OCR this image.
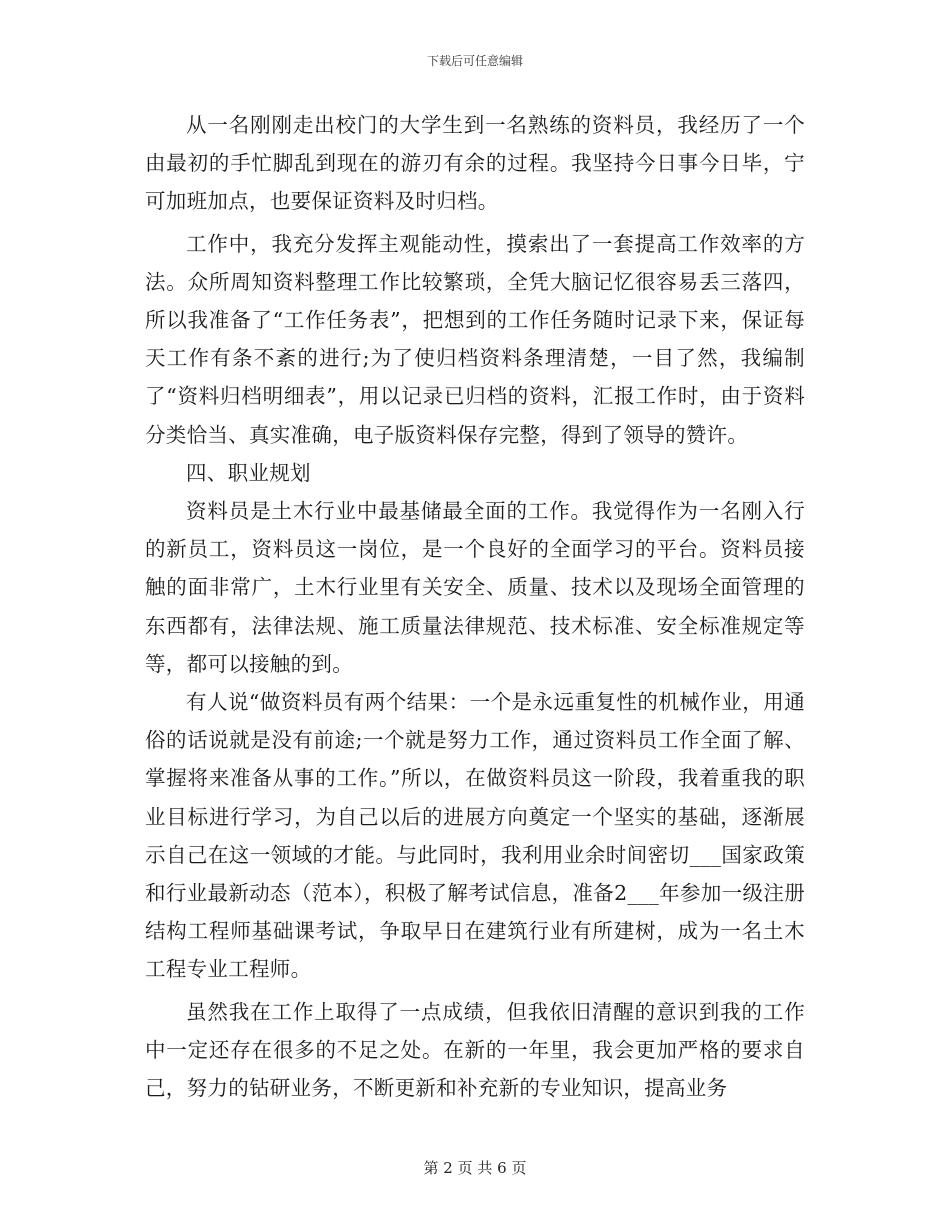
下载后可任意编辑

从一名刚刚走出校门的大学生到一名熟练的资料员，我经历了一个由最初的手忙脚乱到现在的游刃有余的过程。我坚持今日事今日毕，宁可加班加点，也要保证资料及时归档。

工作中，我充分发挥主观能动性，摸索出了一套提高工作效率的方法。众所周知资料整理工作比较繁琐，全凭大脑记忆很容易丢三落四，所以我准备了“工作任务表”，把想到的工作任务随时记录下来，保证每天工作有条不紊的进行;为了使归档资料条理清楚，一目了然，我编制了“资料归档明细表”，用以记录已归档的资料，汇报工作时，由于资料分类恰当、真实准确，电子版资料保存完整，得到了领导的赞许。

四、职业规划

资料员是土木行业中最基储最全面的工作。我觉得作为一名刚入行的新员工，资料员这一岗位，是一个良好的全面学习的平台。资料员接触的面非常广，土木行业里有关安全、质量、技术以及现场全面管理的东西都有，法律法规、施工质量法律规范、技术标准、安全标准规定等等，都可以接触的到。

有人说“做资料员有两个结果：一个是永远重复性的机械作业，用通俗的话说就是没有前途;一个就是努力工作，通过资料员工作全面了解、掌握将来准备从事的工作。”所以，在做资料员这一阶段，我着重我的职业目标进行学习，为自己以后的进展方向奠定一个坚实的基础，逐渐展示自己在这一领域的才能。与此同时，我利用业余时间密切___国家政策和行业最新动态（范本），积极了解考试信息，准备2___年参加一级注册结构工程师基础课考试，争取早日在建筑行业有所建树，成为一名土木工程专业工程师。

虽然我在工作上取得了一点成绩，但我依旧清醒的意识到我的工作中一定还存在很多的不足之处。在新的一年里，我会更加严格的要求自己，努力的钻研业务，不断更新和补充新的专业知识，提高业务

第 2 页 共 6 页
